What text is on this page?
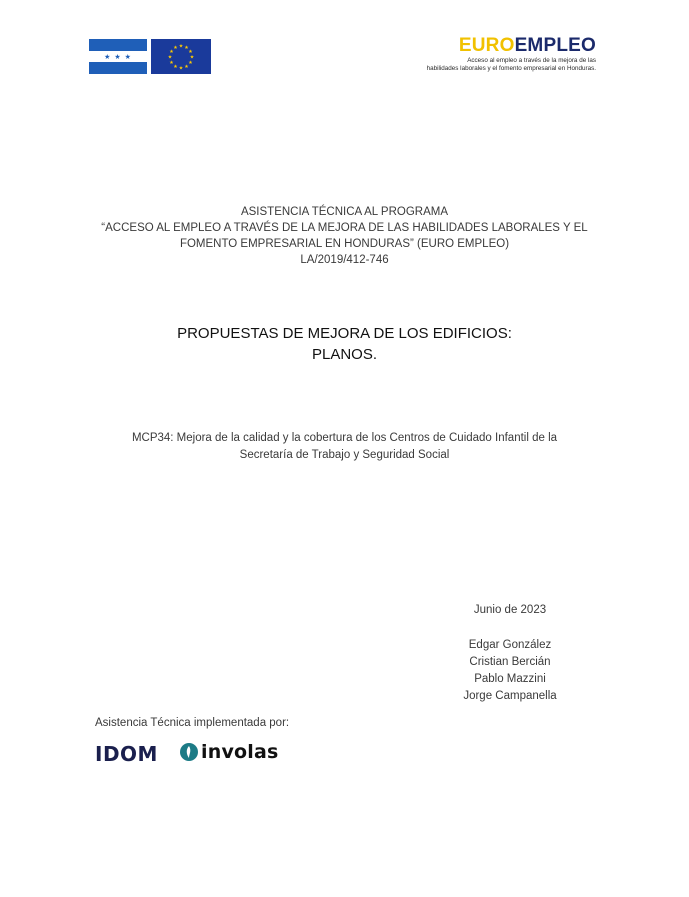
★ ★ ★
★ ★
★
★
★
★
★
★
★
★
★
★	EUROEMPLEO
Acceso al empleo a través de la mejora de las
habilidades laborales y el fomento empresarial en Honduras.
ASISTENCIA TÉCNICA AL PROGRAMA
“ACCESO AL EMPLEO A TRAVÉS DE LA MEJORA DE LAS HABILIDADES LABORALES Y EL
FOMENTO EMPRESARIAL EN HONDURAS” (EURO EMPLEO)
LA/2019/412-746
PROPUESTAS DE MEJORA DE LOS EDIFICIOS:
PLANOS.
MCP34: Mejora de la calidad y la cobertura de los Centros de Cuidado Infantil de la
Secretaría de Trabajo y Seguridad Social
Junio de 2023
Edgar González
Cristian Bercián
Pablo Mazzini
Jorge Campanella
Asistencia Técnica implementada por:
IDOM involas
